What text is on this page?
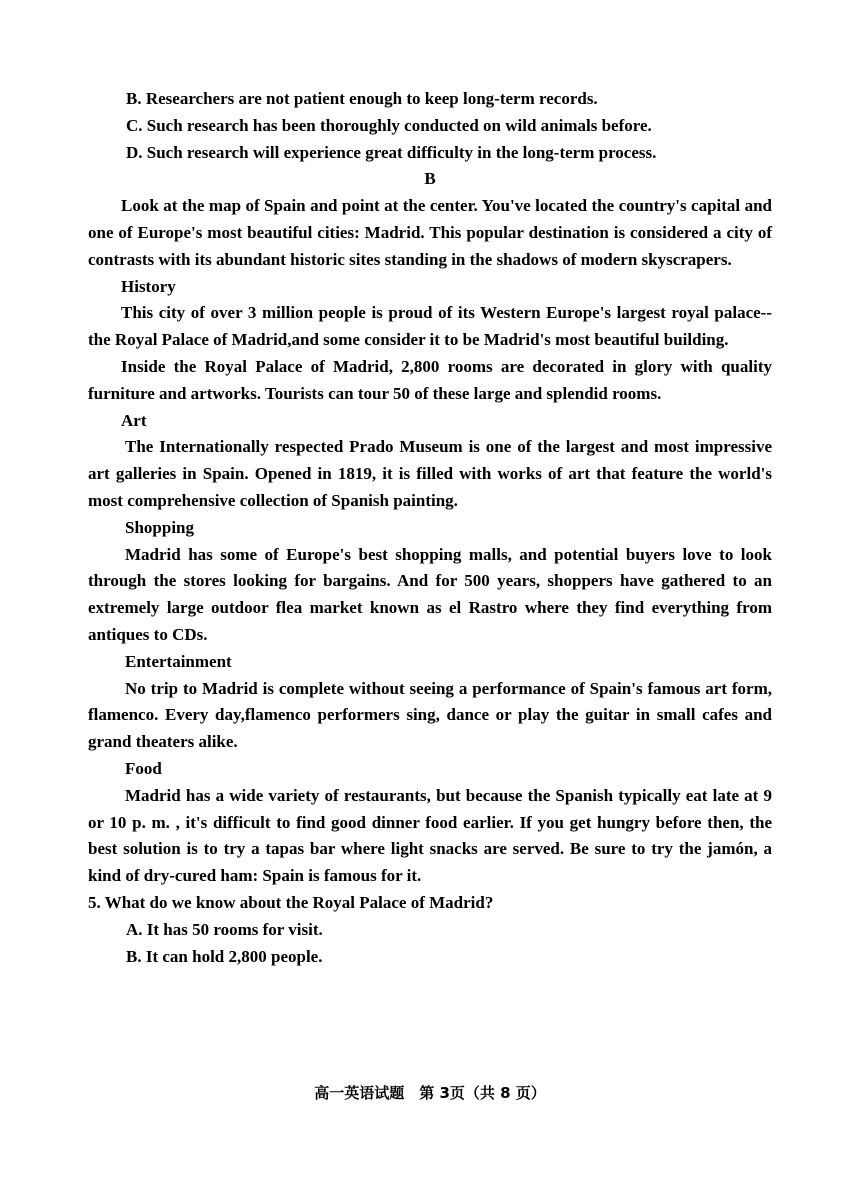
B. Researchers are not patient enough to keep long-term records.
C. Such research has been thoroughly conducted on wild animals before.
D. Such research will experience great difficulty in the long-term process.
B
Look at the map of Spain and point at the center. You've located the country's capital and one of Europe's most beautiful cities: Madrid. This popular destination is considered a city of contrasts with its abundant historic sites standing in the shadows of modern skyscrapers.
History
This city of over 3 million people is proud of its Western Europe's largest royal palace--the Royal Palace of Madrid,and some consider it to be Madrid's most beautiful building.
Inside the Royal Palace of Madrid, 2,800 rooms are decorated in glory with quality furniture and artworks. Tourists can tour 50 of these large and splendid rooms.
Art
The Internationally respected Prado Museum is one of the largest and most impressive art galleries in Spain. Opened in 1819, it is filled with works of art that feature the world's most comprehensive collection of Spanish painting.
Shopping
Madrid has some of Europe's best shopping malls, and potential buyers love to look through the stores looking for bargains. And for 500 years, shoppers have gathered to an extremely large outdoor flea market known as el Rastro where they find everything from antiques to CDs.
Entertainment
No trip to Madrid is complete without seeing a performance of Spain's famous art form, flamenco. Every day,flamenco performers sing, dance or play the guitar in small cafes and grand theaters alike.
Food
Madrid has a wide variety of restaurants, but because the Spanish typically eat late at 9 or 10 p. m. , it's difficult to find good dinner food earlier. If you get hungry before then, the best solution is to try a tapas bar where light snacks are served. Be sure to try the jamón, a kind of dry-cured ham: Spain is famous for it.
5. What do we know about the Royal Palace of Madrid?
A. It has 50 rooms for visit.
B. It can hold 2,800 people.
高一英语试题　第 3页（共 8 页）
